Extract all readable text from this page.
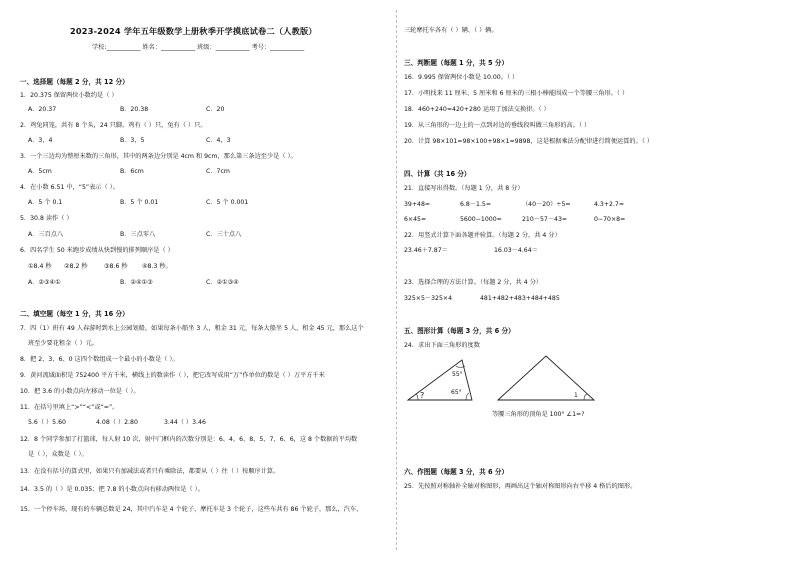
2023-2024 学年五年级数学上册秋季开学摸底试卷二（人教版）
学校:___________ 姓名：___________ 班级：___________ 考号：___________
一、选择题（每题 2 分，共 12 分）
1．20.375 保留两位小数约是（ ）
A．20.37	B．20.38	C．20
2．鸡兔同笼，共有 8 个头，24 只脚。鸡有（ ）只，兔有（ ）只。
A．3，4	B．3，5	C．4，3
3．一个三边均为整厘米数的三角形，其中的两条边分别是 4cm 和 9cm，那么第三条边至少是（ ）。
A．5cm	B．6cm	C．7cm
4．在小数 6.51 中，“5”表示（ ）。
A．5 个 0.1	B．5 个 0.01	C．5 个 0.001
5．30.8 读作（ ）
A．三百点八	B．三点零八	C．三十点八
6．四名学生 50 米跑步成绩从快到慢的排列顺序是（ ）
①8.4 秒 ②8.2 秒	③8.6 秒 ④8.3 秒。
A．②③④①	B．②④①③	C．②①③④
二、填空题（每空 1 分，共 16 分）
7．四（1）班有 49 人春游时到水上公园划船，如果每条小船坐 3 人，租金 31 元，每条大船坐 5 人，租金 45 元，那么这个
班至少要花租金（ ）元。
8．把 2、3、6、0 这四个数组成一个最小的小数是（ ）。
9．黄河流域面积是 752400 平方千米，横线上的数读作（ ），把它改写成用“万”作单位的数是（ ）万平方千米
10．把 3.6 的小数点向左移动一位是（ ）。
11．在括号里填上“>”“<”或“=”。
5.6（ ）5.60	4.08（ ）2.80	3.44（ ）3.46
12．8 个同学参加了打篮球，每人射 10 次，射中门框内的次数分别是：6、4、6、8、5、7、6、6，这 8 个数据的平均数
是（ ），众数是（ ）。
13．在没有括号的算式里，如果只有加减法或者只有乘除法，都要从（ ）往（ ）按顺序计算。
14．3.5 的（ ）是 0.035；把 7.8 的小数点向右移动两位是（ ）。
15．一个停车场，现有的车辆总数是 24，其中汽车是 4 个轮子，摩托车是 3 个轮子，这些车共有 86 个轮子，那么，汽车、
三轮摩托车各有（ ）辆、（ ）辆。
三、判断题（每题 1 分，共 5 分）
16．9.995 保留两位小数是 10.00。（ ）
17．小明找来 11 厘米、5 厘米和 6 厘米的三根小棒能围成一个等腰三角形。（ ）
18．460+240=420+280 运用了加法交换律。（ ）
19．从三角形的一边上的一点到对边的垂线段叫做三角形的高。（ ）
20．计算 98×101=98×100+98×1=9898，这是根据乘法分配律进行简便运算的。（ ）
四、计算（共 16 分）
21．直接写出得数。（每题 1 分，共 8 分）
39+48=	6.8－1.5=	（40－20）÷5=	4.3+2.7=
6×45=	5600−1000=	210－57－43=	0−70×8=
22．用竖式计算下面各题并验算。（每题 2 分，共 4 分）
23.46＋7.87＝	16.03－4.64＝
23．选择合理的方法计算。（每题 2 分，共 4 分）
325×5－325×4	481+482+483+484+485
五、图形计算（每题 3 分，共 6 分）
24．求出下面三角形的度数
55°
65°
?	1
等腰三角形的顶角是 100° ∠1=?
六、作图题（每题 3 分，共 6 分）
25．先按照对称轴补全轴对称图形，再画出这个轴对称图形向右平移 4 格后的图形。
